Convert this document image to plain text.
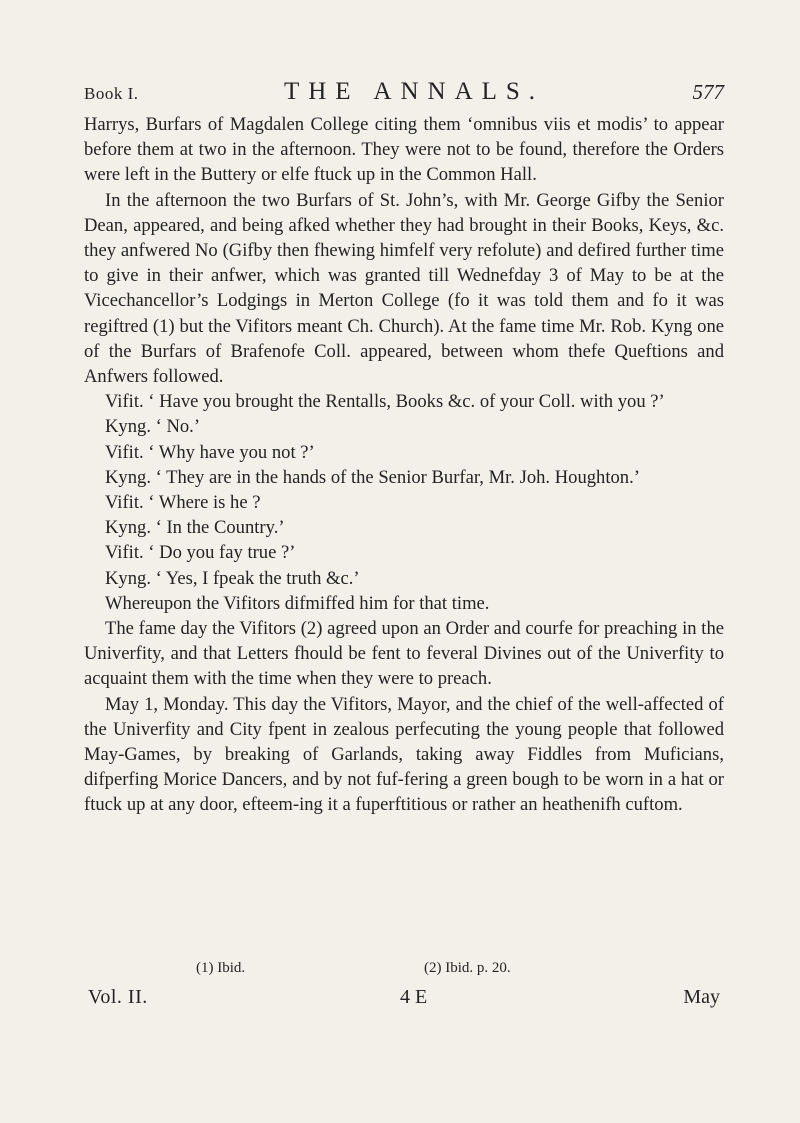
Book I.	THE ANNALS.	577

Harrys, Burfars of Magdalen College citing them ‘omnibus viis et modis’ to appear before them at two in the afternoon. They were not to be found, therefore the Orders were left in the Buttery or elfe ftuck up in the Common Hall.

In the afternoon the two Burfars of St. John’s, with Mr. George Gifby the Senior Dean, appeared, and being afked whether they had brought in their Books, Keys, &c. they anfwered No (Gifby then fhewing himfelf very refolute) and defired further time to give in their anfwer, which was granted till Wednefday 3 of May to be at the Vicechancellor’s Lodgings in Merton College (fo it was told them and fo it was regiftred (1) but the Vifitors meant Ch. Church). At the fame time Mr. Rob. Kyng one of the Burfars of Brafenofe Coll. appeared, between whom thefe Queftions and Anfwers followed.

Vifit. ‘ Have you brought the Rentalls, Books &c. of your Coll. with you ?’

Kyng. ‘ No.’

Vifit. ‘ Why have you not ?’

Kyng. ‘ They are in the hands of the Senior Burfar, Mr. Joh. Houghton.’

Vifit. ‘ Where is he ?

Kyng. ‘ In the Country.’

Vifit. ‘ Do you fay true ?’

Kyng. ‘ Yes, I fpeak the truth &c.’

Whereupon the Vifitors difmiffed him for that time.

The fame day the Vifitors (2) agreed upon an Order and courfe for preaching in the Univerfity, and that Letters fhould be fent to feveral Divines out of the Univerfity to acquaint them with the time when they were to preach.

May 1, Monday. This day the Vifitors, Mayor, and the chief of the well-affected of the Univerfity and City fpent in zealous perfecuting the young people that followed May-Games, by breaking of Garlands, taking away Fiddles from Muficians, difperfing Morice Dancers, and by not fuf-fering a green bough to be worn in a hat or ftuck up at any door, efteem-ing it a fuperftitious or rather an heathenifh cuftom.

(1) Ibid.	(2) Ibid. p. 20.
Vol. II.	4 E	May
